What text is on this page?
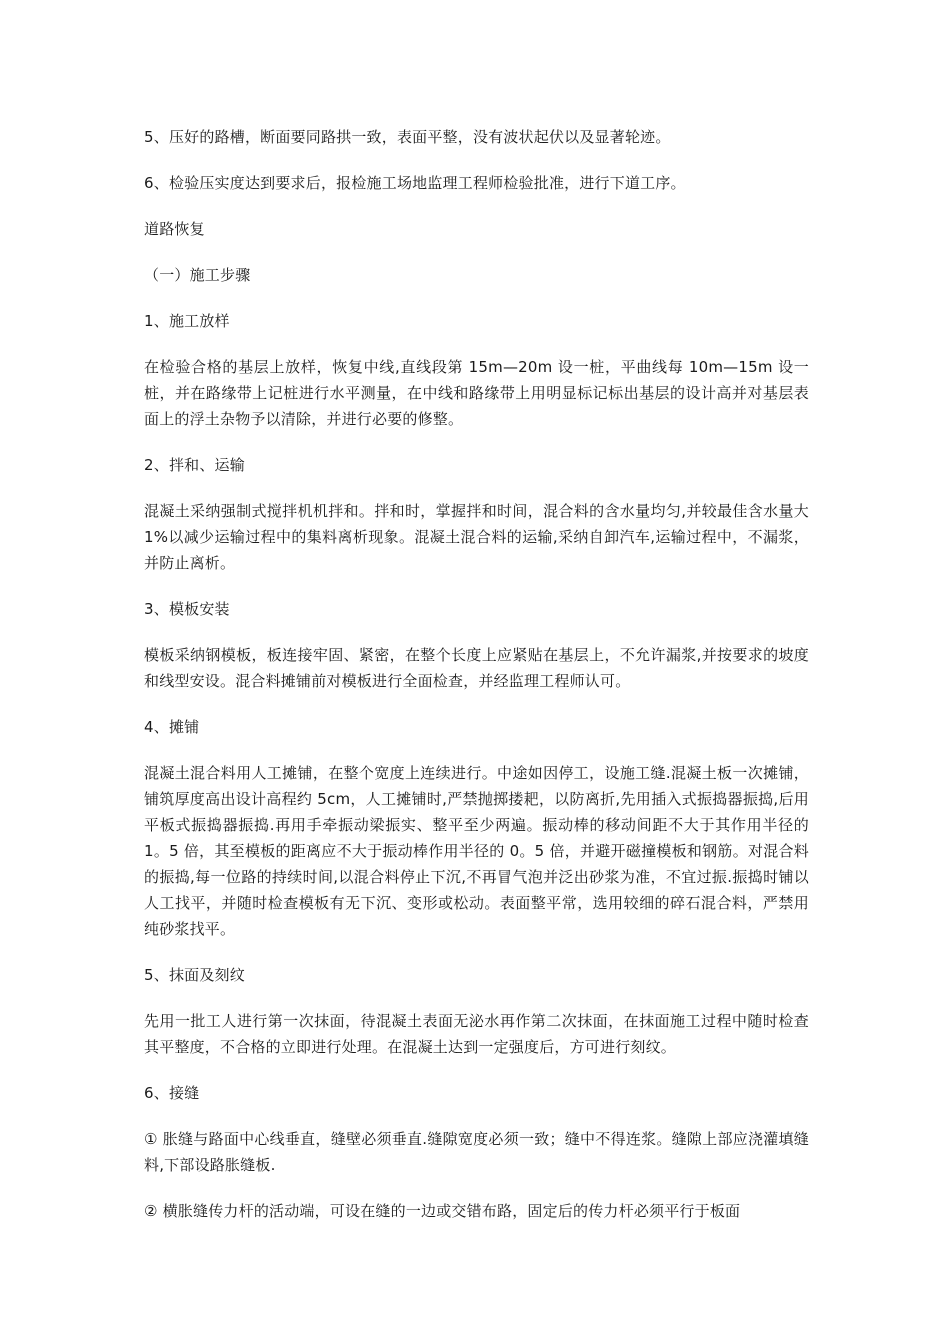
5、压好的路槽，断面要同路拱一致，表面平整，没有波状起伏以及显著轮迹。

6、检验压实度达到要求后，报检施工场地监理工程师检验批准，进行下道工序。

道路恢复

（一）施工步骤

1、施工放样

在检验合格的基层上放样，恢复中线,直线段第 15m—20m 设一桩，平曲线每 10m—15m 设一桩，并在路缘带上记桩进行水平测量，在中线和路缘带上用明显标记标出基层的设计高并对基层表面上的浮土杂物予以清除，并进行必要的修整。

2、拌和、运输

混凝土采纳强制式搅拌机机拌和。拌和时，掌握拌和时间，混合料的含水量均匀,并较最佳含水量大 1%以减少运输过程中的集料离析现象。混凝土混合料的运输,采纳自卸汽车,运输过程中，不漏浆，并防止离析。

3、模板安装

模板采纳钢模板，板连接牢固、紧密，在整个长度上应紧贴在基层上，不允许漏浆,并按要求的坡度和线型安设。混合料摊铺前对模板进行全面检查，并经监理工程师认可。

4、摊铺

混凝土混合料用人工摊铺，在整个宽度上连续进行。中途如因停工，设施工缝.混凝土板一次摊铺，铺筑厚度高出设计高程约 5cm，人工摊铺时,严禁抛掷搂耙，以防离折,先用插入式振捣器振捣,后用平板式振捣器振捣.再用手牵振动梁振实、整平至少两遍。振动棒的移动间距不大于其作用半径的 1。5 倍，其至模板的距离应不大于振动棒作用半径的 0。5 倍，并避开磁撞模板和钢筋。对混合料的振捣,每一位路的持续时间,以混合料停止下沉,不再冒气泡并泛出砂浆为准，不宜过振.振捣时铺以人工找平，并随时检查模板有无下沉、变形或松动。表面整平常，选用较细的碎石混合料，严禁用纯砂浆找平。

5、抹面及刻纹

先用一批工人进行第一次抹面，待混凝土表面无泌水再作第二次抹面，在抹面施工过程中随时检查其平整度，不合格的立即进行处理。在混凝土达到一定强度后，方可进行刻纹。

6、接缝

① 胀缝与路面中心线垂直，缝壁必须垂直.缝隙宽度必须一致；缝中不得连浆。缝隙上部应浇灌填缝料,下部设路胀缝板.

② 横胀缝传力杆的活动端，可设在缝的一边或交错布路，固定后的传力杆必须平行于板面
